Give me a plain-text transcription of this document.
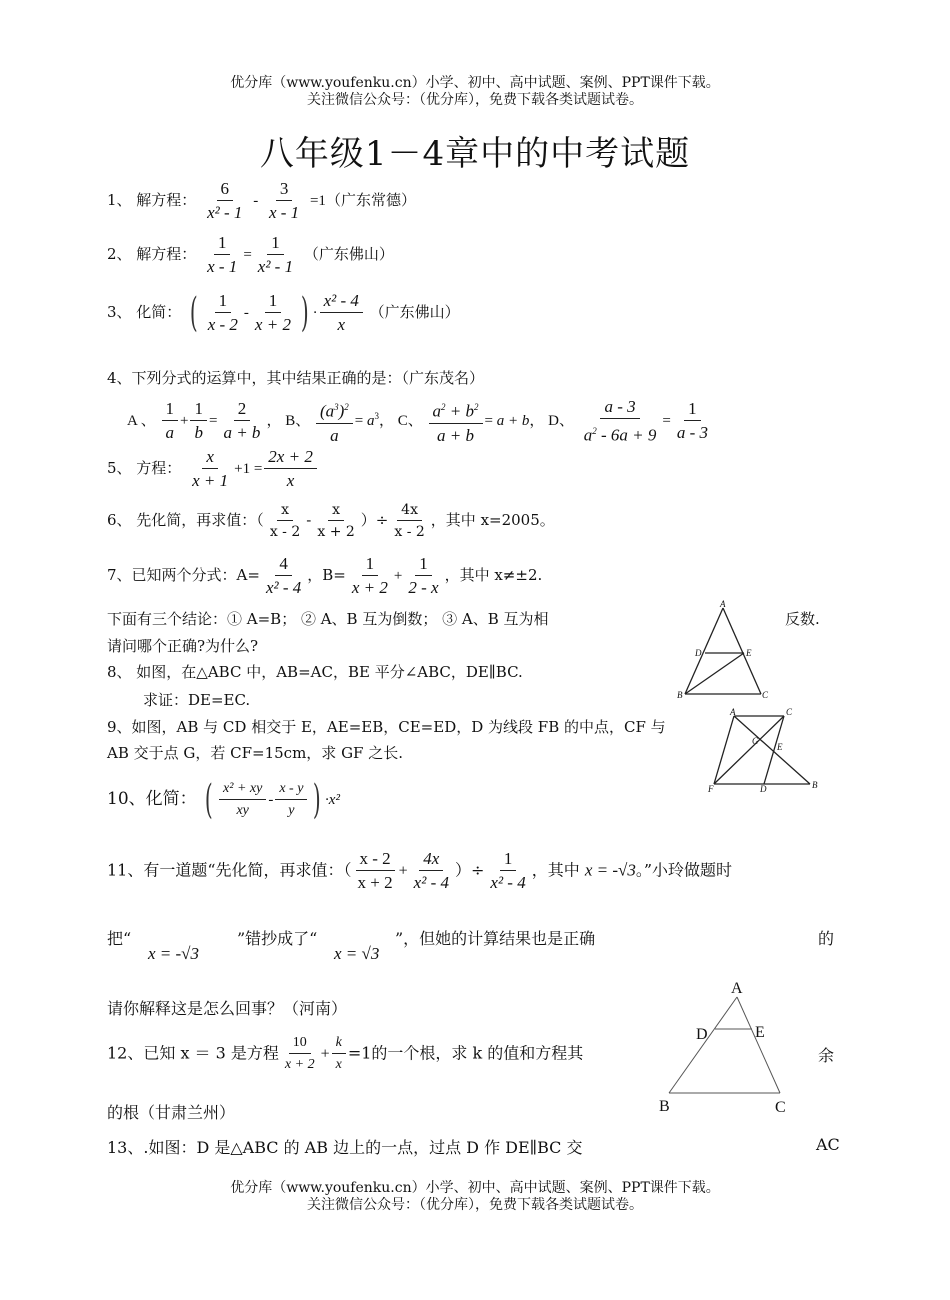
优分库（www.youfenku.cn）小学、初中、高中试题、案例、PPT课件下载。
关注微信公众号：（优分库），免费下载各类试题试卷。
八年级1－4章中的中考试题
1、 解方程： $\frac{6}{\text{x² - 1}} - \frac{3}{x - 1} =1$（广东常德）
2、 解方程： $\frac{1}{x - 1} = \frac{1}{\text{x² - 1}}$ （广东佛山）
3、 化简： ( $\frac{1}{x - 2} - \frac{1}{x + 2}$ ) · $\frac{\text{x² - 4}}{x}$ （广东佛山）
4、下列分式的运算中，其中结果正确的是：（广东茂名）
A 、 $\frac{1}{a} + \frac{1}{b} = \frac{2}{a + b}$ ， B、 $\frac{(a^3)^2}{a} = a^3$， C、 $\frac{a^2 + b^2}{a + b} = a + b$， D、 $\frac{a - 3}{a^2 - 6a + 9} = \frac{1}{a - 3}$
5、 方程： $\frac{x}{x + 1} +1 = \frac{2x + 2}{x}$
6、 先化简，再求值：（ $\frac{x}{x - 2} - \frac{x}{x + 2}$ ）÷ $\frac{4x}{x - 2}$ ，其中 x=2005。
7、已知两个分式：$A= \frac{4}{\text{x² - 4}}$ ，$B= \frac{1}{x + 2} + \frac{1}{2 - x}$ ，其中 x≠±2.
下面有三个结论：① A=B； ② A、B 互为倒数； ③ A、B 互为相	反数.
请问哪个正确?为什么?
8、 如图，在△ABC 中，AB=AC，BE 平分∠ABC，DE∥BC.
求证：DE=EC.
9、如图，AB 与 CD 相交于 E，AE=EB，CE=ED，D 为线段 FB 的中点，CF 与
AB 交于点 G，若 CF=15cm，求 GF 之长.
10、化简： ( $\frac{\text{x² + xy}}{xy} - \frac{x - y}{y}$ ) ·x²
11、有一道题“先化简，再求值：（ $\frac{x - 2}{x + 2} + \frac{4x}{\text{x² - 4}}$ ）÷ $\frac{1}{\text{x² - 4}}$ ，其中 x = -√3。”小玲做题时
把“
x = -√3
”错抄成了“
x = √3
”，但她的计算结果也是正确	的
请你解释这是怎么回事？（河南）
12、已知 x ＝ 3 是方程 $\frac{10}{x + 2} + \frac{k}{x} =1$的一个根，求 k 的值和方程其	余
的根（甘肃兰州）
13、.如图：D 是△ABC 的 AB 边上的一点，过点 D 作 DE∥BC 交	AC
A
D	E
B	C
A	C
G
E
F	D	B
A
D	E
B	C
优分库（www.youfenku.cn）小学、初中、高中试题、案例、PPT课件下载。
关注微信公众号：（优分库），免费下载各类试题试卷。
